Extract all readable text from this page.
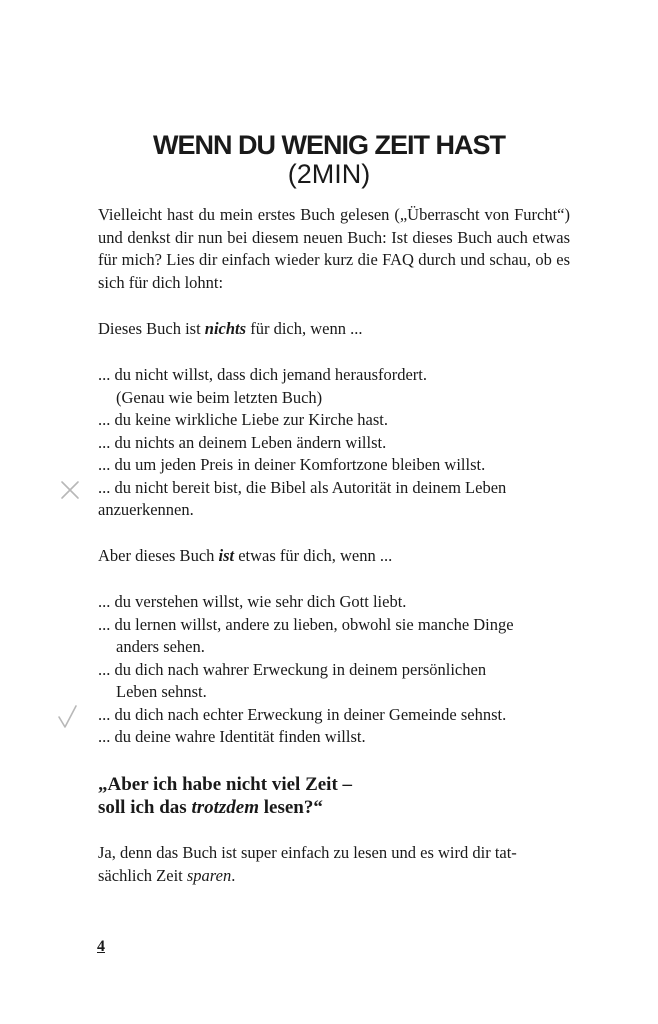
WENN DU WENIG ZEIT HAST
(2MIN)
Vielleicht hast du mein erstes Buch gelesen („Überrascht von Furcht“) und denkst dir nun bei diesem neuen Buch: Ist dieses Buch auch etwas für mich? Lies dir einfach wieder kurz die FAQ durch und schau, ob es sich für dich lohnt:
Dieses Buch ist nichts für dich, wenn ...
... du nicht willst, dass dich jemand herausfordert.
(Genau wie beim letzten Buch)
... du keine wirkliche Liebe zur Kirche hast.
... du nichts an deinem Leben ändern willst.
... du um jeden Preis in deiner Komfortzone bleiben willst.
... du nicht bereit bist, die Bibel als Autorität in deinem Leben
anzuerkennen.
Aber dieses Buch ist etwas für dich, wenn ...
... du verstehen willst, wie sehr dich Gott liebt.
... du lernen willst, andere zu lieben, obwohl sie manche Dinge
anders sehen.
... du dich nach wahrer Erweckung in deinem persönlichen
Leben sehnst.
... du dich nach echter Erweckung in deiner Gemeinde sehnst.
... du deine wahre Identität finden willst.
„Aber ich habe nicht viel Zeit –
soll ich das trotzdem lesen?“
Ja, denn das Buch ist super einfach zu lesen und es wird dir tat-
sächlich Zeit sparen.
4
